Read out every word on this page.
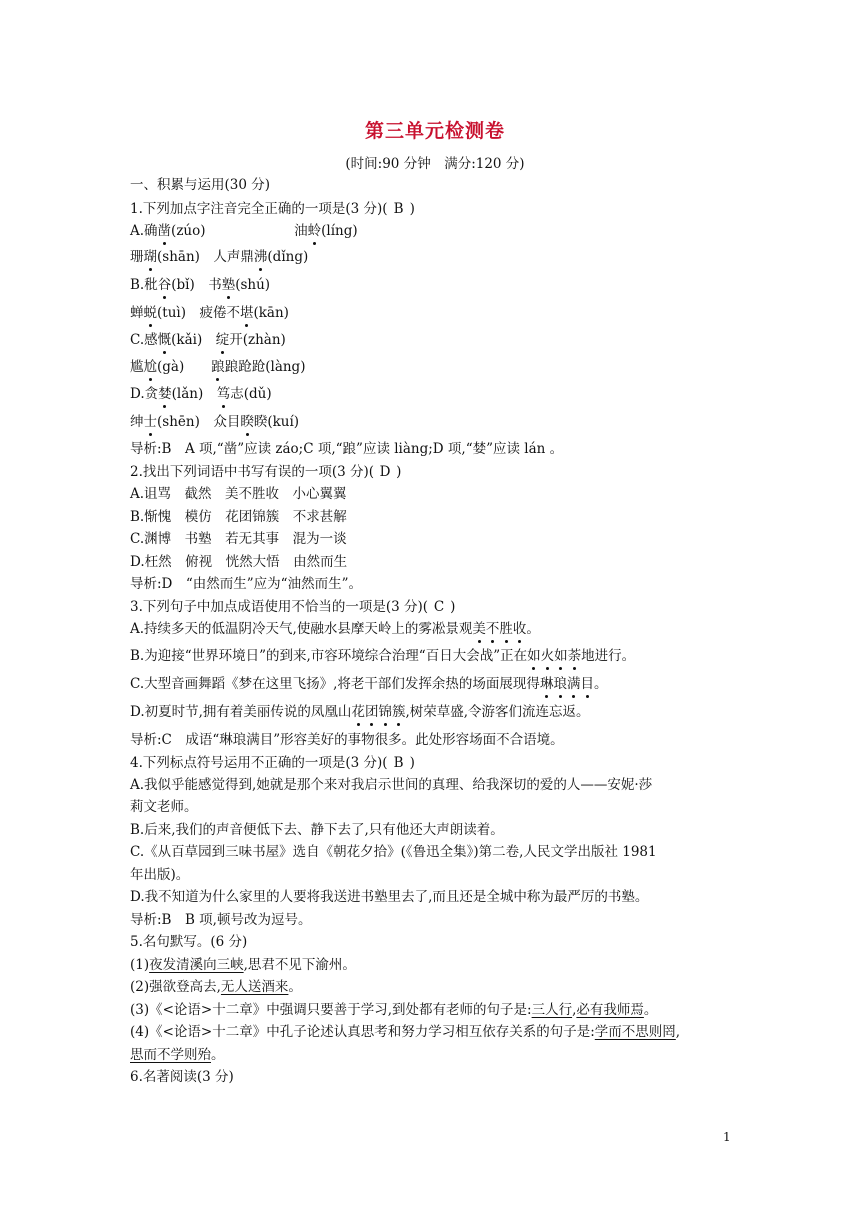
第三单元检测卷
(时间:90 分钟　满分:120 分)
一、积累与运用(30 分)
1.下列加点字注音完全正确的一项是(3 分)( B )
A.确凿(zúo)	油蛉(líng)
珊瑚(shān)　人声鼎沸(dǐng)
B.秕谷(bǐ)　书塾(shú)
蝉蜕(tuì)　疲倦不堪(kān)
C.感慨(kǎi)　绽开(zhàn)
尴尬(gà)　　踉踉跄跄(làng)
D.贪婪(lǎn)　笃志(dǔ)
绅士(shēn)　众目睽睽(kuí)
导析:B　A 项,“凿”应读 záo;C 项,“踉”应读 liàng;D 项,“婪”应读 lán 。
2.找出下列词语中书写有误的一项(3 分)( D )
A.诅骂　截然　美不胜收　小心翼翼
B.惭愧　模仿　花团锦簇　不求甚解
C.渊博　书塾　若无其事　混为一谈
D.枉然　俯视　恍然大悟　由然而生
导析:D　“由然而生”应为“油然而生”。
3.下列句子中加点成语使用不恰当的一项是(3 分)( C )
A.持续多天的低温阴冷天气,使融水县摩天岭上的雾凇景观美不胜收。
B.为迎接“世界环境日”的到来,市容环境综合治理“百日大会战”正在如火如荼地进行。
C.大型音画舞蹈《梦在这里飞扬》,将老干部们发挥余热的场面展现得琳琅满目。
D.初夏时节,拥有着美丽传说的凤凰山花团锦簇,树荣草盛,令游客们流连忘返。
导析:C　成语“琳琅满目”形容美好的事物很多。此处形容场面不合语境。
4.下列标点符号运用不正确的一项是(3 分)( B )
A.我似乎能感觉得到,她就是那个来对我启示世间的真理、给我深切的爱的人——安妮·莎
莉文老师。
B.后来,我们的声音便低下去、静下去了,只有他还大声朗读着。
C.《从百草园到三味书屋》选自《朝花夕拾》(《鲁迅全集》)第二卷,人民文学出版社 1981
年出版)。
D.我不知道为什么家里的人要将我送进书塾里去了,而且还是全城中称为最严厉的书塾。
导析:B　B 项,顿号改为逗号。
5.名句默写。(6 分)
(1)夜发清溪向三峡,思君不见下渝州。
(2)强欲登高去,无人送酒来。
(3)《<论语>十二章》中强调只要善于学习,到处都有老师的句子是:三人行,必有我师焉。
(4)《<论语>十二章》中孔子论述认真思考和努力学习相互依存关系的句子是:学而不思则罔,
思而不学则殆。
6.名著阅读(3 分)
1
